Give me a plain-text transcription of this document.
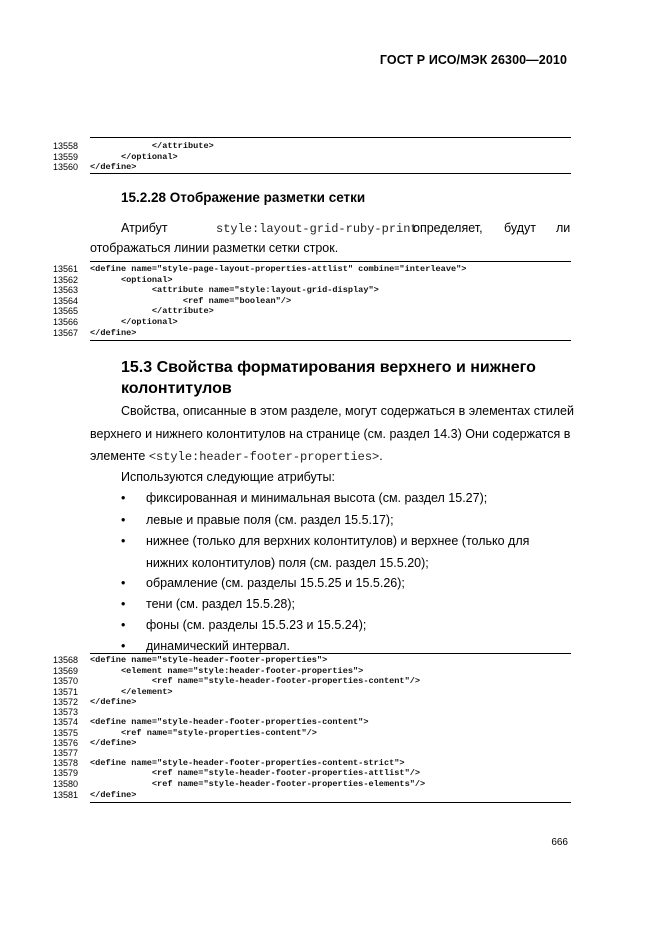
ГОСТ Р ИСО/МЭК 26300—2010
13558 </attribute>
13559 </optional>
13560 </define>
15.2.28 Отображение разметки сетки
Атрибут	style:layout-grid-ruby-print
определяет, будут ли
отображаться линии разметки сетки строк.
13561 <define name="style-page-layout-properties-attlist" combine="interleave">
13562 <optional>
13563 <attribute name="style:layout-grid-display">
13564 <ref name="boolean"/>
13565 </attribute>
13566 </optional>
13567 </define>
15.3 Свойства форматирования верхнего и нижнего
колонтитулов
Свойства, описанные в этом разделе, могут содержаться в элементах стилей
верхнего и нижнего колонтитулов на странице (см. раздел 14.3) Они содержатся в
элементе <style:header-footer-properties>.
Используются следующие атрибуты:
• фиксированная и минимальная высота (см. раздел 15.27);
• левые и правые поля (см. раздел 15.5.17);
• нижнее (только для верхних колонтитулов) и верхнее (только для нижних колонтитулов) поля (см. раздел 15.5.20);
• обрамление (см. разделы 15.5.25 и 15.5.26);
• тени (см. раздел 15.5.28);
• фоны (см. разделы 15.5.23 и 15.5.24);
• динамический интервал.
13568 <define name="style-header-footer-properties">
13569 <element name="style:header-footer-properties">
13570 <ref name="style-header-footer-properties-content"/>
13571 </element>
13572 </define>
13573
13574 <define name="style-header-footer-properties-content">
13575 <ref name="style-properties-content"/>
13576 </define>
13577
13578 <define name="style-header-footer-properties-content-strict">
13579 <ref name="style-header-footer-properties-attlist"/>
13580 <ref name="style-header-footer-properties-elements"/>
13581 </define>
666
